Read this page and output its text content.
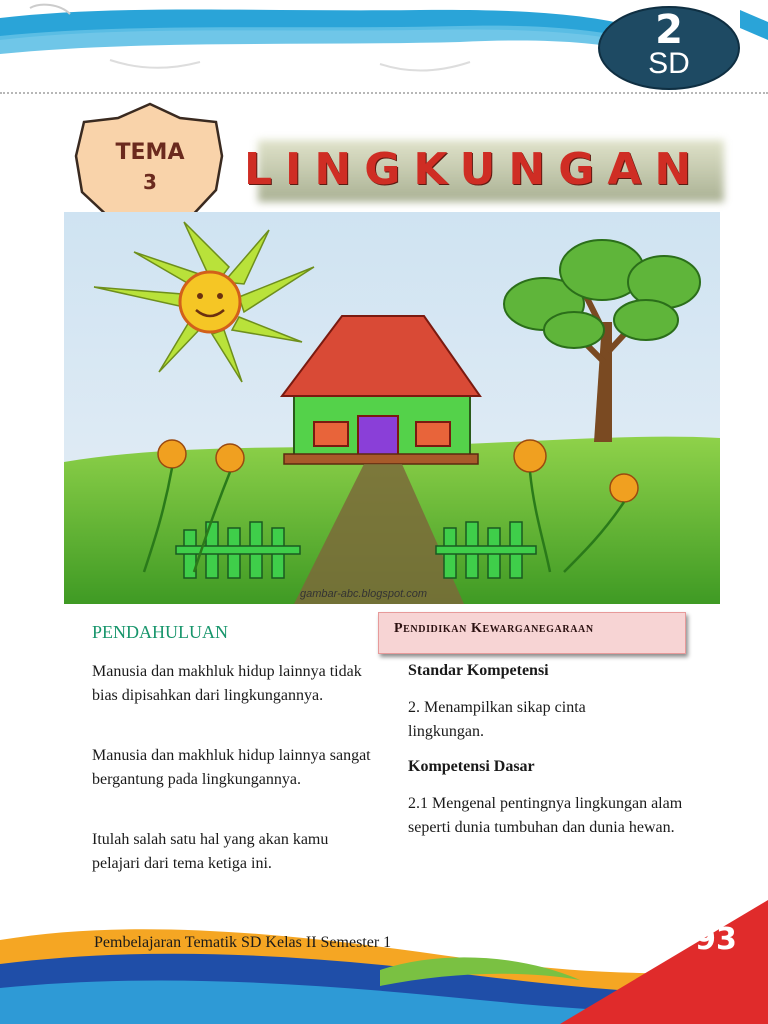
2
SD
TEMA
3	LINGKUNGAN
gambar-abc.blogspot.com
PENDAHULUAN
Manusia dan makhluk hidup lainnya tidak bias dipisahkan dari lingkungannya.
Manusia dan makhluk hidup lainnya sangat bergantung pada lingkungannya.
Itulah salah satu hal yang akan kamu pelajari dari tema ketiga ini.
Pendidikan Kewarganegaraan
Standar Kompetensi
2. Menampilkan sikap cinta lingkungan.
Kompetensi Dasar
2.1 Mengenal pentingnya lingkungan alam seperti dunia tumbuhan dan dunia hewan.
Pembelajaran Tematik SD Kelas II Semester 1	93
